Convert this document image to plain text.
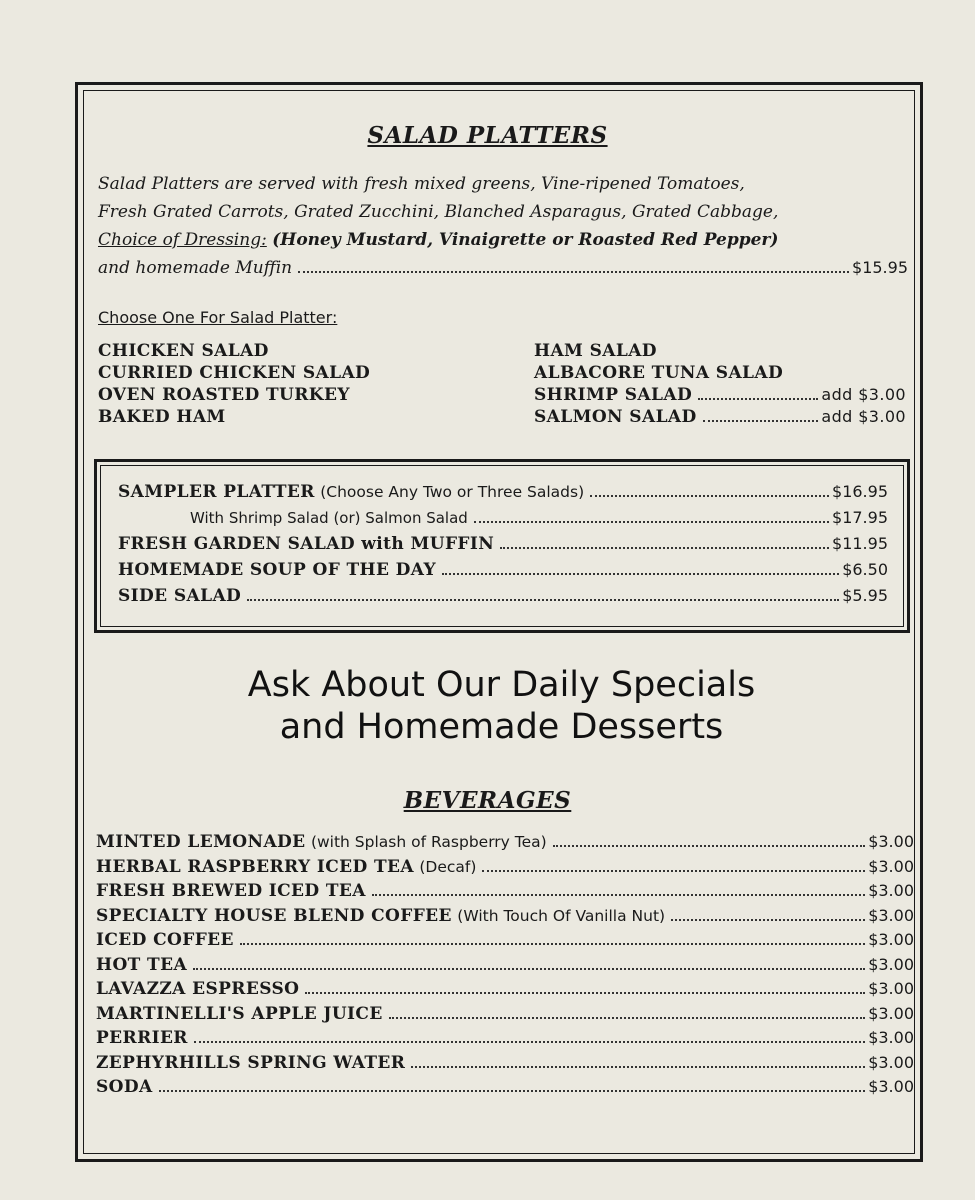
SALAD PLATTERS
Salad Platters are served with fresh mixed greens, Vine-ripened Tomatoes,
Fresh Grated Carrots, Grated Zucchini, Blanched Asparagus, Grated Cabbage,
Choice of Dressing: (Honey Mustard, Vinaigrette or Roasted Red Pepper)
and homemade Muffin	$15.95
Choose One For Salad Platter:
CHICKEN SALAD
CURRIED CHICKEN SALAD
OVEN ROASTED TURKEY
BAKED HAM
HAM SALAD
ALBACORE TUNA SALAD
SHRIMP SALAD	add $3.00
SALMON SALAD	add $3.00
SAMPLER PLATTER
(Choose Any Two or Three Salads)	$16.95
With Shrimp Salad (or) Salmon Salad	$17.95
FRESH GARDEN SALAD with MUFFIN	$11.95
HOMEMADE SOUP OF THE DAY	$6.50
SIDE SALAD	$5.95
Ask About Our Daily Specials
and Homemade Desserts
BEVERAGES
MINTED LEMONADE
(with Splash of Raspberry Tea)	$3.00
HERBAL RASPBERRY ICED TEA
(Decaf)	$3.00
FRESH BREWED ICED TEA	$3.00
SPECIALTY HOUSE BLEND COFFEE
(With Touch Of Vanilla Nut)	$3.00
ICED COFFEE	$3.00
HOT TEA	$3.00
LAVAZZA ESPRESSO	$3.00
MARTINELLI'S APPLE JUICE	$3.00
PERRIER	$3.00
ZEPHYRHILLS SPRING WATER	$3.00
SODA	$3.00
